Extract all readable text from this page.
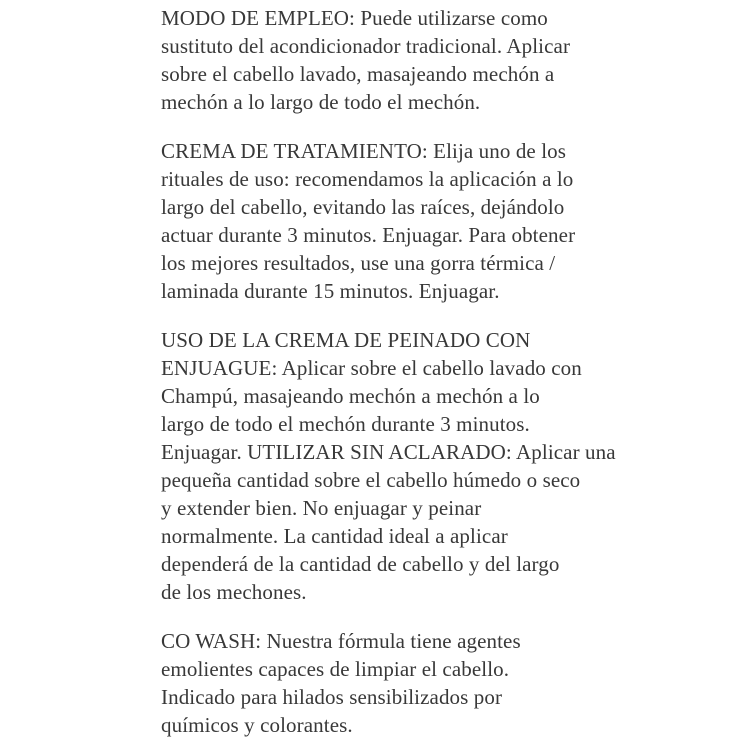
MODO DE EMPLEO: Puede utilizarse como
sustituto del acondicionador tradicional. Aplicar
sobre el cabello lavado, masajeando mechón a
mechón a lo largo de todo el mechón.

CREMA DE TRATAMIENTO: Elija uno de los
rituales de uso: recomendamos la aplicación a lo
largo del cabello, evitando las raíces, dejándolo
actuar durante 3 minutos. Enjuagar. Para obtener
los mejores resultados, use una gorra térmica /
laminada durante 15 minutos. Enjuagar.

USO DE LA CREMA DE PEINADO CON
ENJUAGUE: Aplicar sobre el cabello lavado con
Champú, masajeando mechón a mechón a lo
largo de todo el mechón durante 3 minutos.
Enjuagar. UTILIZAR SIN ACLARADO: Aplicar una
pequeña cantidad sobre el cabello húmedo o seco
y extender bien. No enjuagar y peinar
normalmente. La cantidad ideal a aplicar
dependerá de la cantidad de cabello y del largo
de los mechones.

CO WASH: Nuestra fórmula tiene agentes
emolientes capaces de limpiar el cabello.
Indicado para hilados sensibilizados por
químicos y colorantes.
